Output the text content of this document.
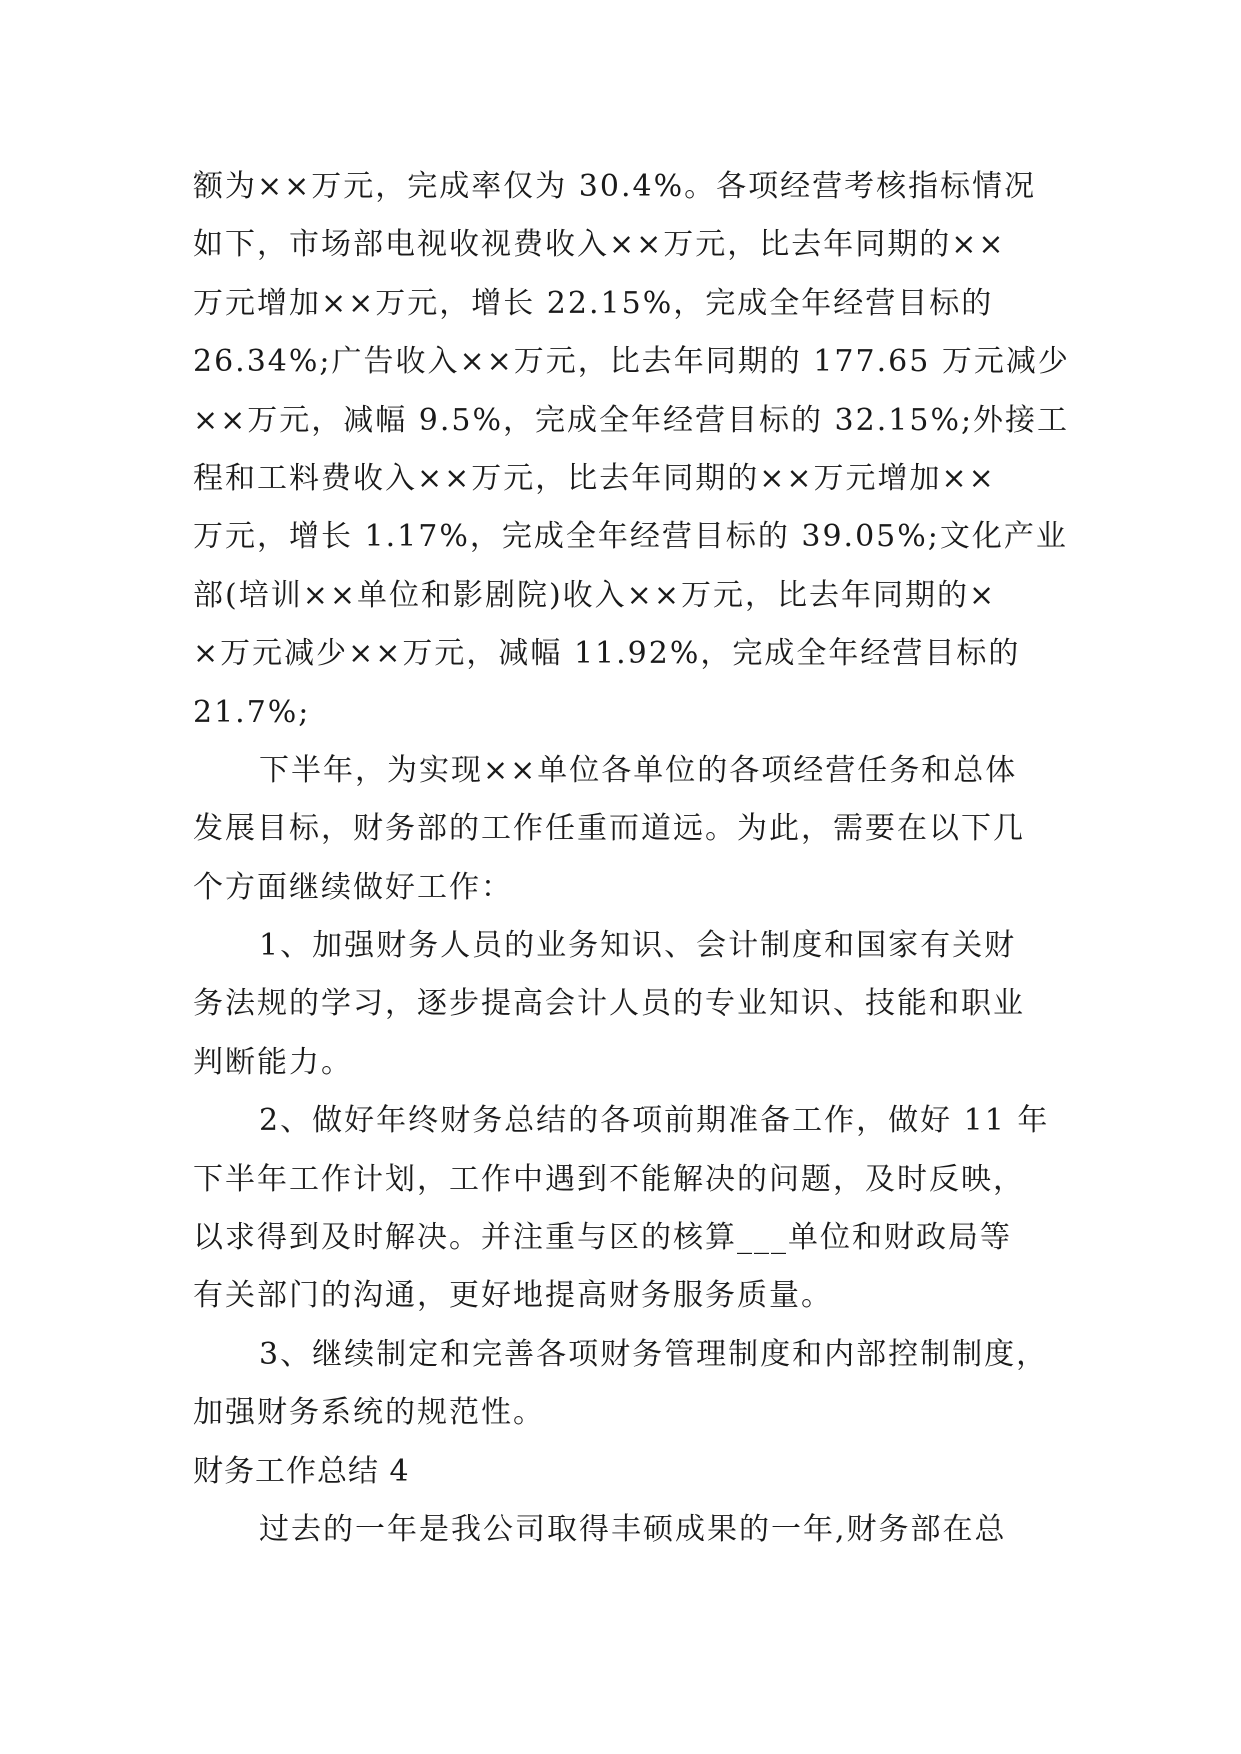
额为××万元，完成率仅为 30.4%。各项经营考核指标情况
如下，市场部电视收视费收入××万元，比去年同期的××
万元增加××万元，增长 22.15%，完成全年经营目标的
26.34%;广告收入××万元，比去年同期的 177.65 万元减少
××万元，减幅 9.5%，完成全年经营目标的 32.15%;外接工
程和工料费收入××万元，比去年同期的××万元增加××
万元，增长 1.17%，完成全年经营目标的 39.05%;文化产业
部(培训××单位和影剧院)收入××万元，比去年同期的×
×万元减少××万元，减幅 11.92%，完成全年经营目标的
21.7%;
下半年，为实现××单位各单位的各项经营任务和总体
发展目标，财务部的工作任重而道远。为此，需要在以下几
个方面继续做好工作：
1、加强财务人员的业务知识、会计制度和国家有关财
务法规的学习，逐步提高会计人员的专业知识、技能和职业
判断能力。
2、做好年终财务总结的各项前期准备工作，做好 11 年
下半年工作计划，工作中遇到不能解决的问题，及时反映，
以求得到及时解决。并注重与区的核算___单位和财政局等
有关部门的沟通，更好地提高财务服务质量。
3、继续制定和完善各项财务管理制度和内部控制制度，
加强财务系统的规范性。
财务工作总结 4
过去的一年是我公司取得丰硕成果的一年,财务部在总
